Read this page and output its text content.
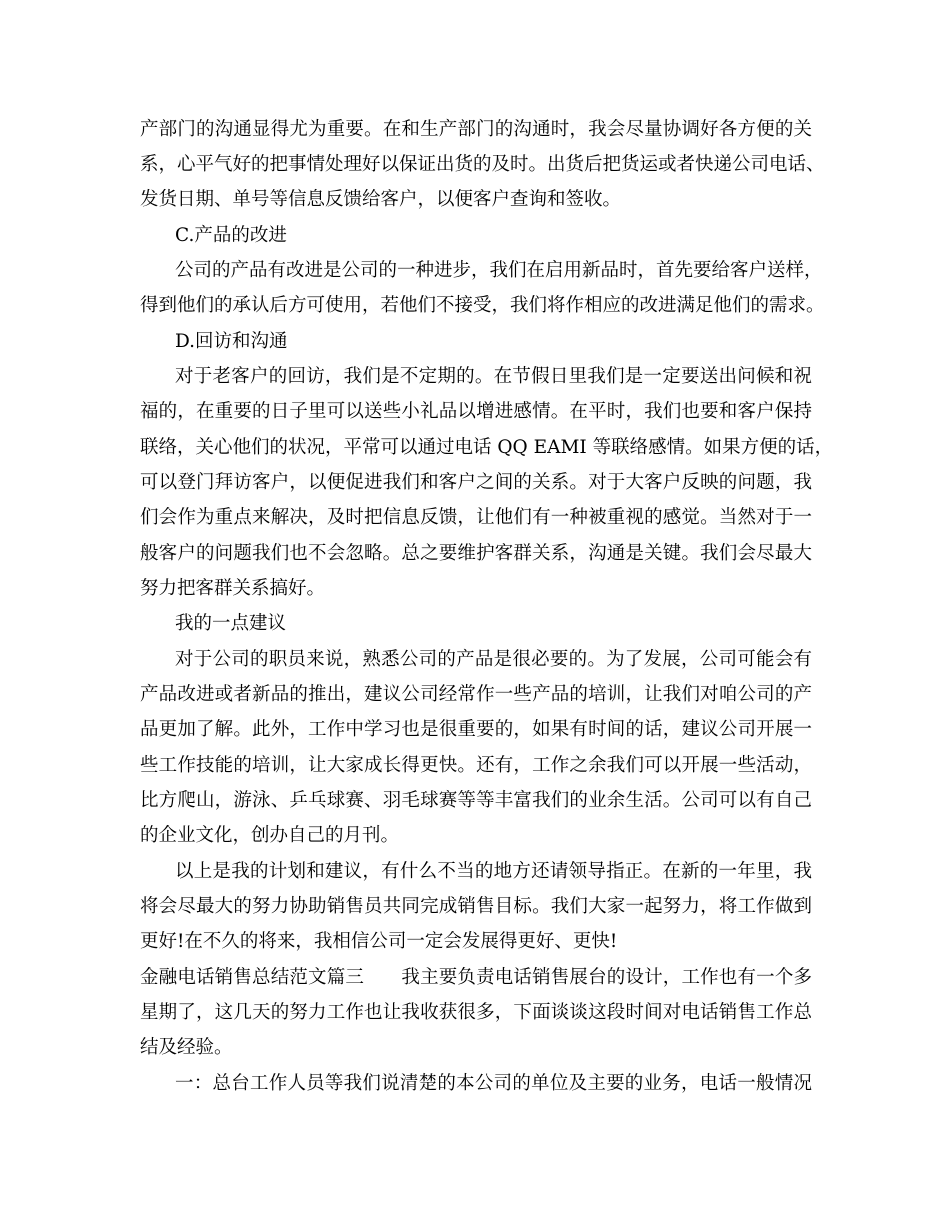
产部门的沟通显得尤为重要。在和生产部门的沟通时，我会尽量协调好各方便的关
系，心平气好的把事情处理好以保证出货的及时。出货后把货运或者快递公司电话、
发货日期、单号等信息反馈给客户，以便客户查询和签收。
C.产品的改进
公司的产品有改进是公司的一种进步，我们在启用新品时，首先要给客户送样，
得到他们的承认后方可使用，若他们不接受，我们将作相应的改进满足他们的需求。
D.回访和沟通
对于老客户的回访，我们是不定期的。在节假日里我们是一定要送出问候和祝
福的，在重要的日子里可以送些小礼品以增进感情。在平时，我们也要和客户保持
联络，关心他们的状况，平常可以通过电话 QQ EAMI 等联络感情。如果方便的话，
可以登门拜访客户，以便促进我们和客户之间的关系。对于大客户反映的问题，我
们会作为重点来解决，及时把信息反馈，让他们有一种被重视的感觉。当然对于一
般客户的问题我们也不会忽略。总之要维护客群关系，沟通是关键。我们会尽最大
努力把客群关系搞好。
我的一点建议
对于公司的职员来说，熟悉公司的产品是很必要的。为了发展，公司可能会有
产品改进或者新品的推出，建议公司经常作一些产品的培训，让我们对咱公司的产
品更加了解。此外，工作中学习也是很重要的，如果有时间的话，建议公司开展一
些工作技能的培训，让大家成长得更快。还有，工作之余我们可以开展一些活动，
比方爬山，游泳、乒乓球赛、羽毛球赛等等丰富我们的业余生活。公司可以有自己
的企业文化，创办自己的月刊。
以上是我的计划和建议，有什么不当的地方还请领导指正。在新的一年里，我
将会尽最大的努力协助销售员共同完成销售目标。我们大家一起努力，将工作做到
更好!在不久的将来，我相信公司一定会发展得更好、更快!
金融电话销售总结范文篇三　　我主要负责电话销售展台的设计，工作也有一个多
星期了，这几天的努力工作也让我收获很多，下面谈谈这段时间对电话销售工作总
结及经验。
一：总台工作人员等我们说清楚的本公司的单位及主要的业务，电话一般情况
